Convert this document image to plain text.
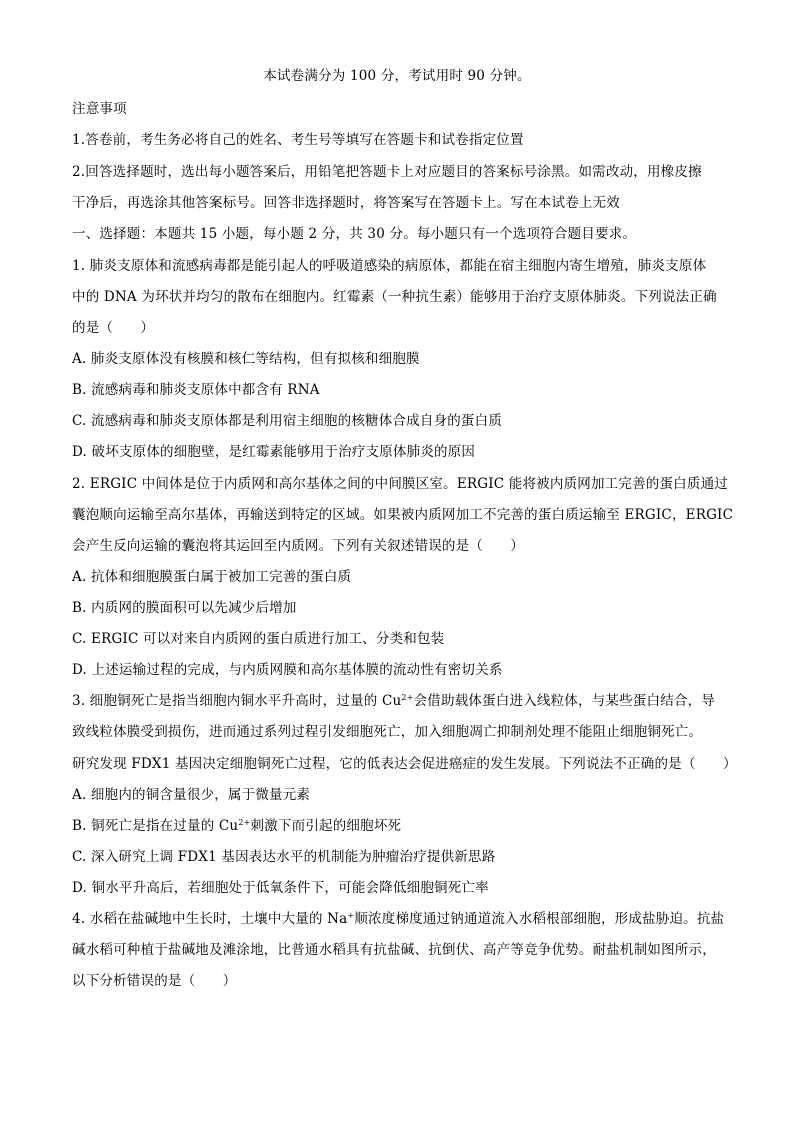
本试卷满分为 100 分，考试用时 90 分钟。
注意事项
1.答卷前，考生务必将自己的姓名、考生号等填写在答题卡和试卷指定位置
2.回答选择题时，选出每小题答案后，用铅笔把答题卡上对应题目的答案标号涂黑。如需改动，用橡皮擦
干净后，再选涂其他答案标号。回答非选择题时，将答案写在答题卡上。写在本试卷上无效
一、选择题：本题共 15 小题，每小题 2 分，共 30 分。每小题只有一个选项符合题目要求。
1. 肺炎支原体和流感病毒都是能引起人的呼吸道感染的病原体，都能在宿主细胞内寄生增殖，肺炎支原体
中的 DNA 为环状并均匀的散布在细胞内。红霉素（一种抗生素）能够用于治疗支原体肺炎。下列说法正确
的是（　　）
A. 肺炎支原体没有核膜和核仁等结构，但有拟核和细胞膜
B. 流感病毒和肺炎支原体中都含有 RNA
C. 流感病毒和肺炎支原体都是利用宿主细胞的核糖体合成自身的蛋白质
D. 破坏支原体的细胞壁，是红霉素能够用于治疗支原体肺炎的原因
2. ERGIC 中间体是位于内质网和高尔基体之间的中间膜区室。ERGIC 能将被内质网加工完善的蛋白质通过
囊泡顺向运输至高尔基体，再输送到特定的区域。如果被内质网加工不完善的蛋白质运输至 ERGIC，ERGIC
会产生反向运输的囊泡将其运回至内质网。下列有关叙述错误的是（　　）
A. 抗体和细胞膜蛋白属于被加工完善的蛋白质
B. 内质网的膜面积可以先减少后增加
C. ERGIC 可以对来自内质网的蛋白质进行加工、分类和包装
D. 上述运输过程的完成，与内质网膜和高尔基体膜的流动性有密切关系
3. 细胞铜死亡是指当细胞内铜水平升高时，过量的 $Cu^{2+}$会借助载体蛋白进入线粒体，与某些蛋白结合，导
致线粒体膜受到损伤，进而通过系列过程引发细胞死亡，加入细胞凋亡抑制剂处理不能阻止细胞铜死亡。
研究发现 FDX1 基因决定细胞铜死亡过程，它的低表达会促进癌症的发生发展。下列说法不正确的是（　　）
A. 细胞内的铜含量很少，属于微量元素
B. 铜死亡是指在过量的 $Cu^{2+}$刺激下而引起的细胞坏死
C. 深入研究上调 FDX1 基因表达水平的机制能为肿瘤治疗提供新思路
D. 铜水平升高后，若细胞处于低氧条件下，可能会降低细胞铜死亡率
4. 水稻在盐碱地中生长时，土壤中大量的 Na+顺浓度梯度通过钠通道流入水稻根部细胞，形成盐胁迫。抗盐
碱水稻可种植于盐碱地及滩涂地，比普通水稻具有抗盐碱、抗倒伏、高产等竞争优势。耐盐机制如图所示，
以下分析错误的是（　　）
